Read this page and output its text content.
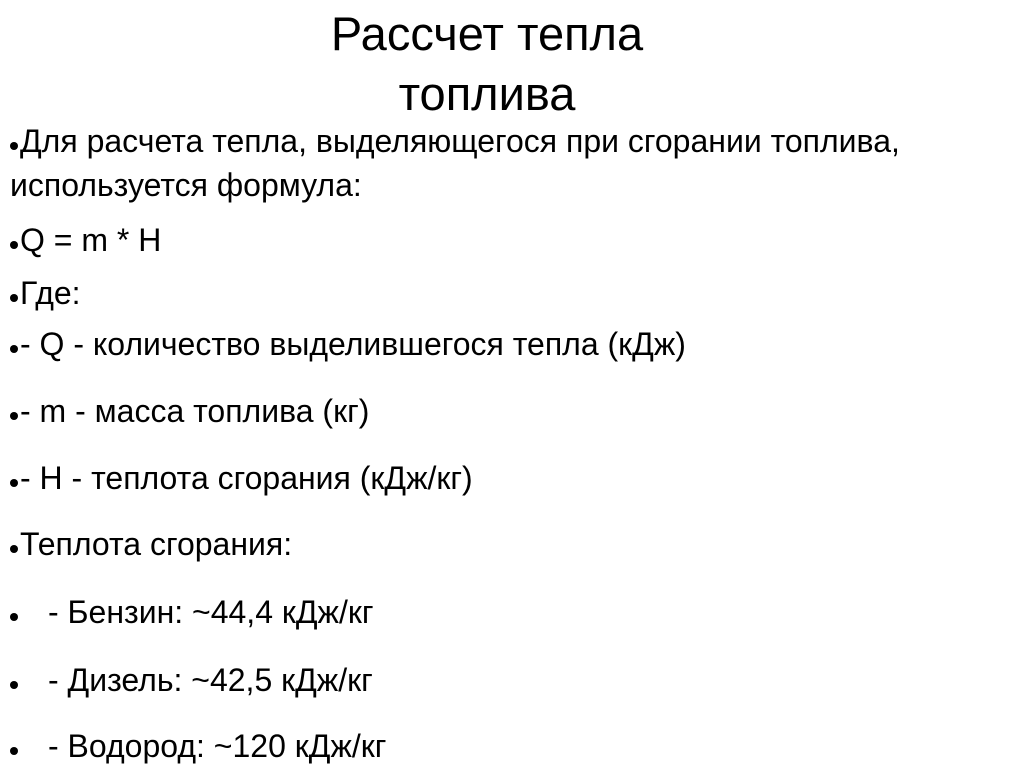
Рассчет тепла
топлива
Для расчета тепла, выделяющегося при сгорании топлива, используется формула:
Q = m * H
Где:
- Q - количество выделившегося тепла (кДж)
- m - масса топлива (кг)
- H - теплота сгорания (кДж/кг)
Теплота сгорания:
- Бензин: ~44,4 кДж/кг
- Дизель: ~42,5 кДж/кг
- Водород: ~120 кДж/кг
